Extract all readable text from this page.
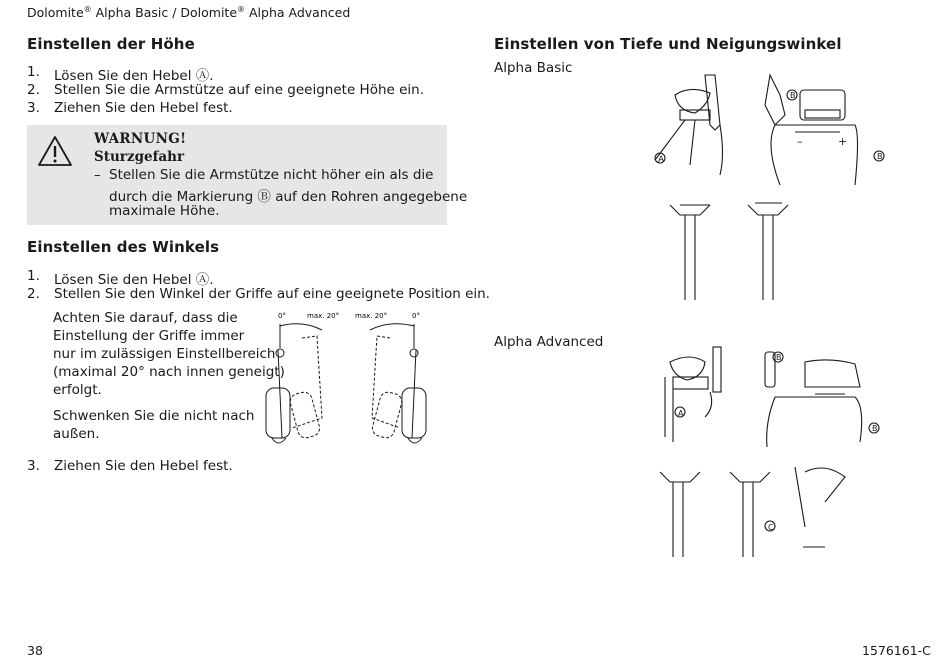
Dolomite® Alpha Basic / Dolomite® Alpha Advanced
Einstellen der Höhe
1. Lösen Sie den Hebel Ⓐ.
2. Stellen Sie die Armstütze auf eine geeignete Höhe ein.
3. Ziehen Sie den Hebel fest.
WARNUNG!
Sturzgefahr
– Stellen Sie die Armstütze nicht höher ein als die
durch die Markierung Ⓑ auf den Rohren angegebene
maximale Höhe.
Einstellen des Winkels
1. Lösen Sie den Hebel Ⓐ.
2. Stellen Sie den Winkel der Griffe auf eine geeignete Position ein.
Achten Sie darauf, dass die
Einstellung der Griffe immer
nur im zulässigen Einstellbereich
(maximal 20° nach innen geneigt)
erfolgt.
Schwenken Sie die nicht nach
außen.
3. Ziehen Sie den Hebel fest.
0°	max. 20° max. 20°	0°
Einstellen von Tiefe und Neigungswinkel
Alpha Basic
A
B
B
–	+
Alpha Advanced
A
B
B
C
38	1576161-C
